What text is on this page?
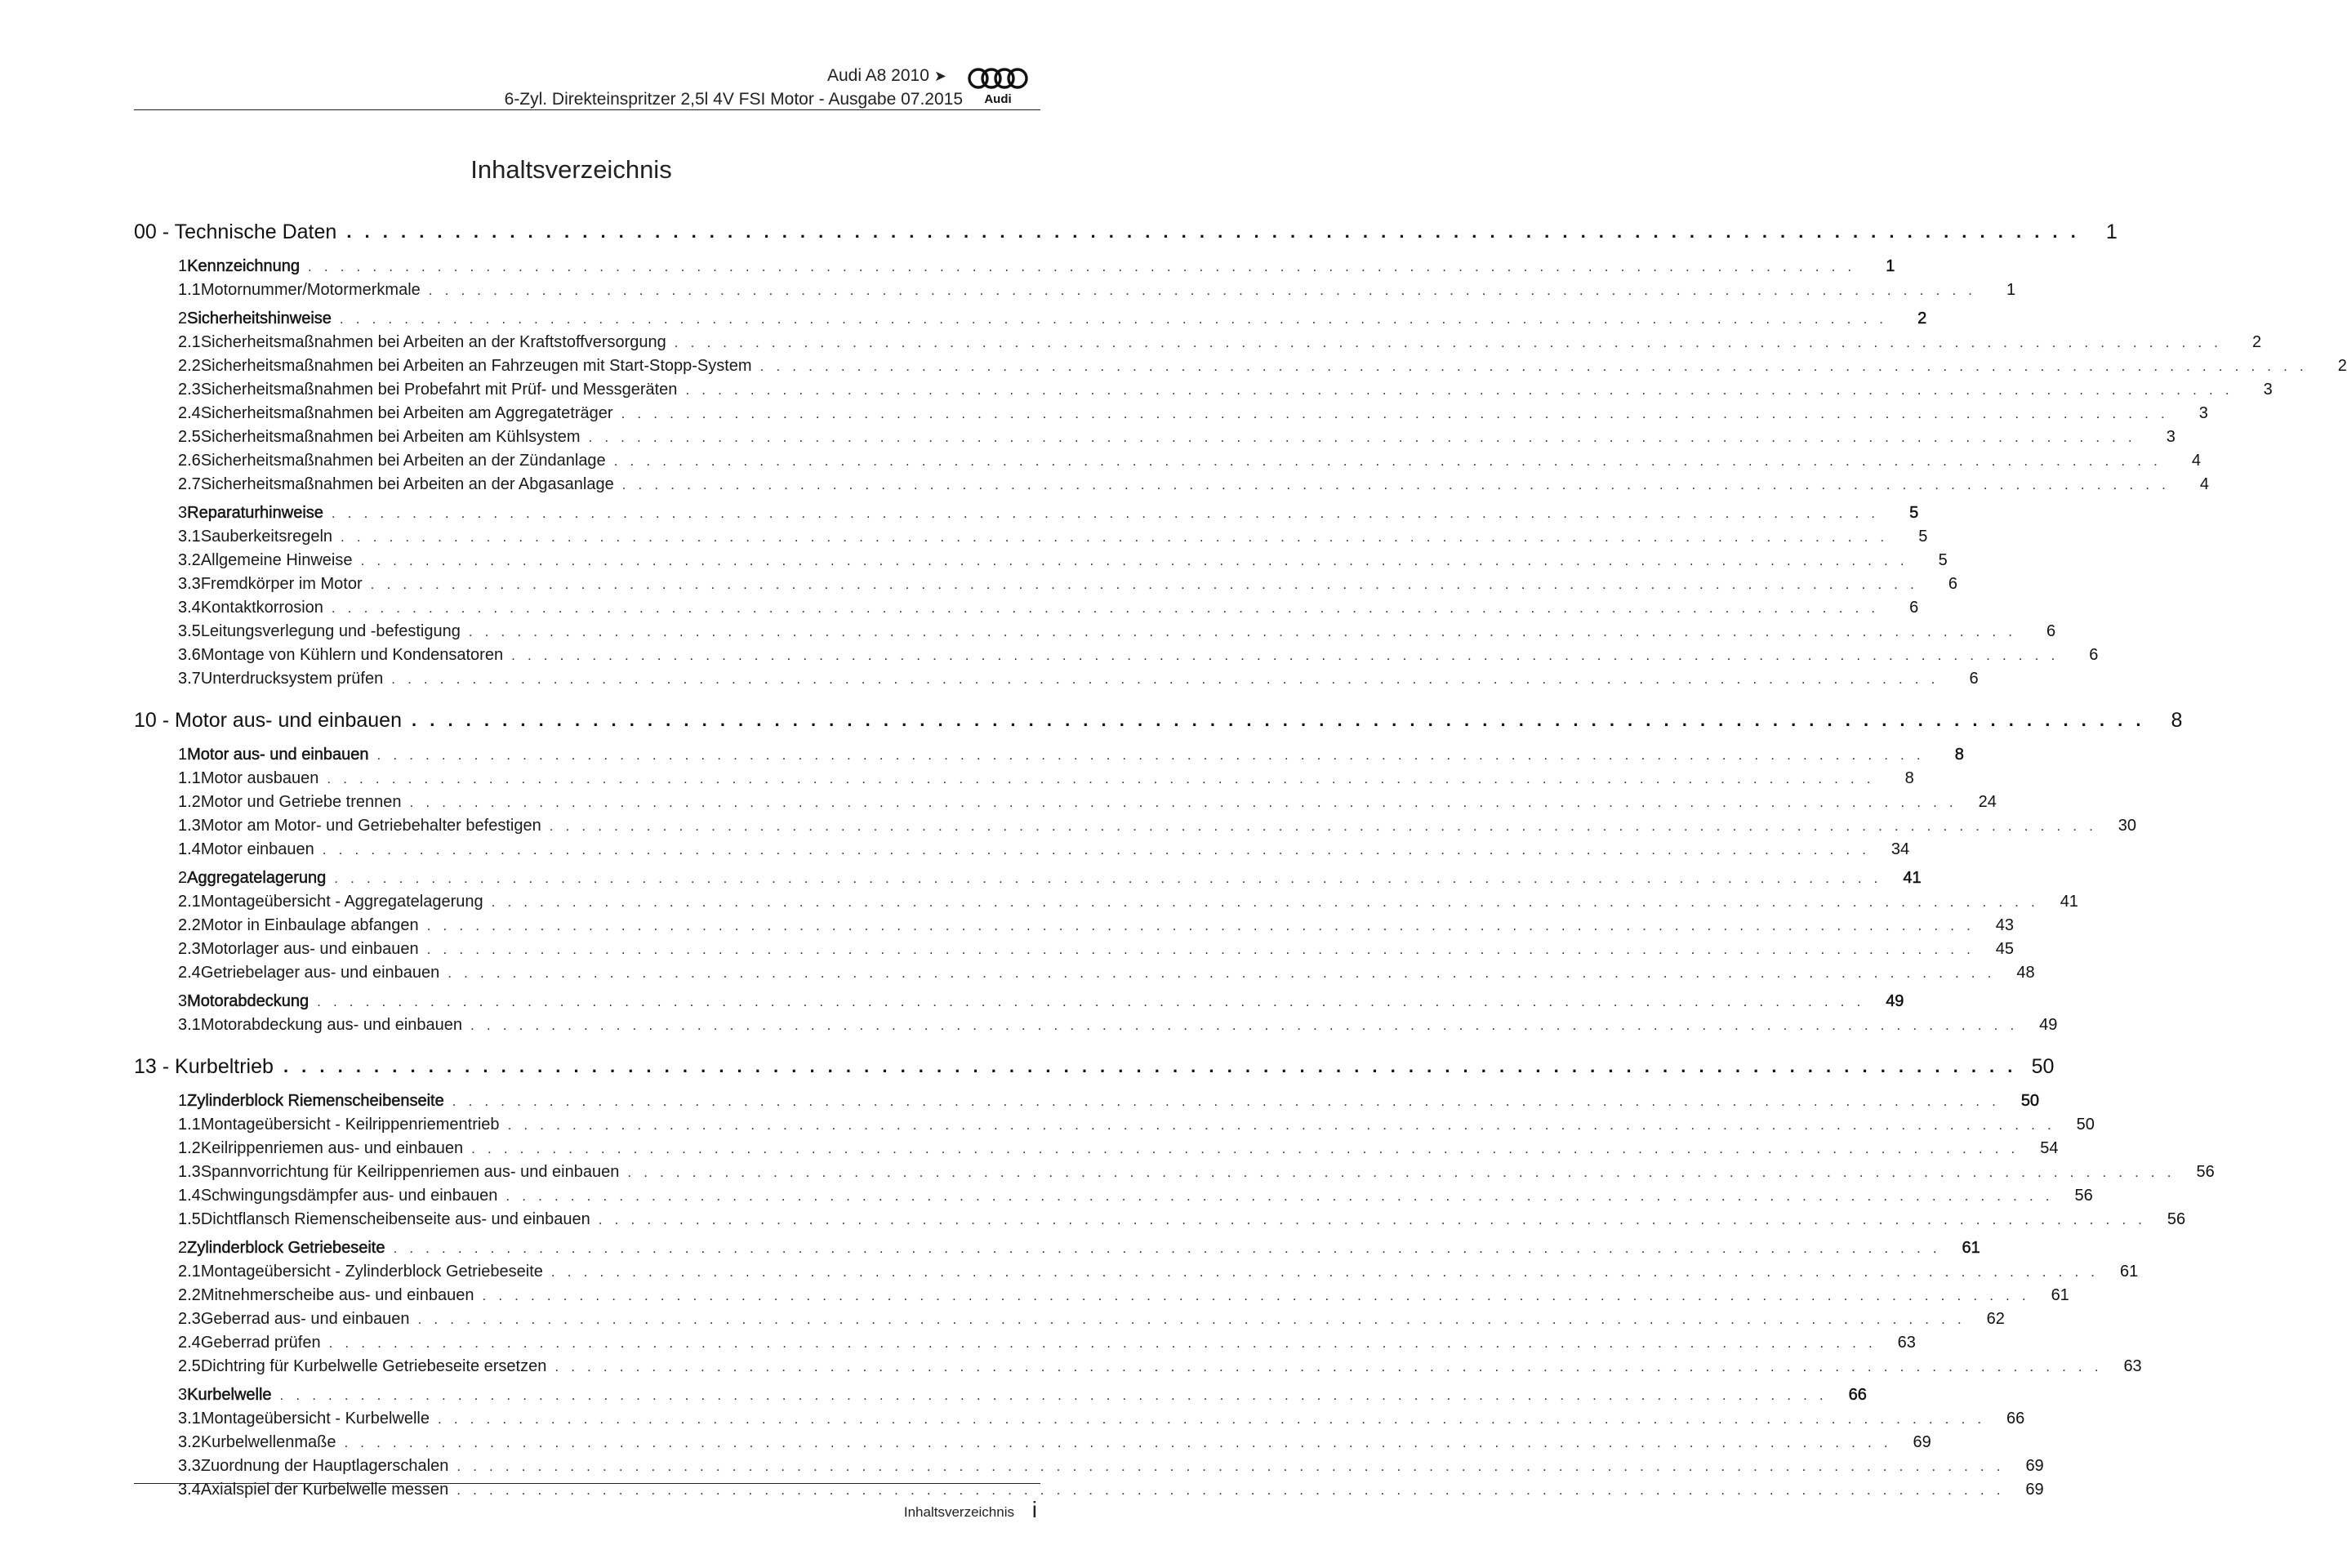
Audi A8 2010 ➤
6-Zyl. Direkteinspritzer 2,5l 4V FSI Motor - Ausgabe 07.2015 Audi
Inhaltsverzeichnis
00 - Technische Daten . . . . . . . . . . . . . . . . . . . . . . . . . . . . . . . . . . . . . . . . . . . . . . . . . . . . . . . . . . . . . . . . . . . . . . . . . . . . . . . . . . . . . . . . . . . . . . . .	1
1 Kennzeichnung . . . . . . . . . . . . . . . . . . . . . . . . . . . . . . . . . . . . . . . . . . . . . . . . . . . . . . . . . . . . . . . . . . . . . . . . . . . . . . . . . . . . . . . . . . . . . . . .	1
1.1 Motornummer/Motormerkmale . . . . . . . . . . . . . . . . . . . . . . . . . . . . . . . . . . . . . . . . . . . . . . . . . . . . . . . . . . . . . . . . . . . . . . . . . . . . . . . . . . . . . . . . . . . . . . . .	1
2 Sicherheitshinweise . . . . . . . . . . . . . . . . . . . . . . . . . . . . . . . . . . . . . . . . . . . . . . . . . . . . . . . . . . . . . . . . . . . . . . . . . . . . . . . . . . . . . . . . . . . . . . . .	2
2.1 Sicherheitsmaßnahmen bei Arbeiten an der Kraftstoffversorgung . . . . . . . . . . . . . . . . . . . . . . . . . . . . . . . . . . . . . . . . . . . . . . . . . . . . . . . . . . . . . . . . . . . . . . . . . . . . . . . . . . . . . . . . . . . . . . . .	2
2.2 Sicherheitsmaßnahmen bei Arbeiten an Fahrzeugen mit Start-Stopp-System . . . . . . . . . . . . . . . . . . . . . . . . . . . . . . . . . . . . . . . . . . . . . . . . . . . . . . . . . . . . . . . . . . . . . . . . . . . . . . . . . . . . . . . . . . . . . . . .	2
2.3 Sicherheitsmaßnahmen bei Probefahrt mit Prüf- und Messgeräten . . . . . . . . . . . . . . . . . . . . . . . . . . . . . . . . . . . . . . . . . . . . . . . . . . . . . . . . . . . . . . . . . . . . . . . . . . . . . . . . . . . . . . . . . . . . . . . .	3
2.4 Sicherheitsmaßnahmen bei Arbeiten am Aggregateträger . . . . . . . . . . . . . . . . . . . . . . . . . . . . . . . . . . . . . . . . . . . . . . . . . . . . . . . . . . . . . . . . . . . . . . . . . . . . . . . . . . . . . . . . . . . . . . . .	3
2.5 Sicherheitsmaßnahmen bei Arbeiten am Kühlsystem . . . . . . . . . . . . . . . . . . . . . . . . . . . . . . . . . . . . . . . . . . . . . . . . . . . . . . . . . . . . . . . . . . . . . . . . . . . . . . . . . . . . . . . . . . . . . . . .	3
2.6 Sicherheitsmaßnahmen bei Arbeiten an der Zündanlage . . . . . . . . . . . . . . . . . . . . . . . . . . . . . . . . . . . . . . . . . . . . . . . . . . . . . . . . . . . . . . . . . . . . . . . . . . . . . . . . . . . . . . . . . . . . . . . .	4
2.7 Sicherheitsmaßnahmen bei Arbeiten an der Abgasanlage . . . . . . . . . . . . . . . . . . . . . . . . . . . . . . . . . . . . . . . . . . . . . . . . . . . . . . . . . . . . . . . . . . . . . . . . . . . . . . . . . . . . . . . . . . . . . . . .	4
3 Reparaturhinweise . . . . . . . . . . . . . . . . . . . . . . . . . . . . . . . . . . . . . . . . . . . . . . . . . . . . . . . . . . . . . . . . . . . . . . . . . . . . . . . . . . . . . . . . . . . . . . . .	5
3.1 Sauberkeitsregeln . . . . . . . . . . . . . . . . . . . . . . . . . . . . . . . . . . . . . . . . . . . . . . . . . . . . . . . . . . . . . . . . . . . . . . . . . . . . . . . . . . . . . . . . . . . . . . . .	5
3.2 Allgemeine Hinweise . . . . . . . . . . . . . . . . . . . . . . . . . . . . . . . . . . . . . . . . . . . . . . . . . . . . . . . . . . . . . . . . . . . . . . . . . . . . . . . . . . . . . . . . . . . . . . . .	5
3.3 Fremdkörper im Motor . . . . . . . . . . . . . . . . . . . . . . . . . . . . . . . . . . . . . . . . . . . . . . . . . . . . . . . . . . . . . . . . . . . . . . . . . . . . . . . . . . . . . . . . . . . . . . . .	6
3.4 Kontaktkorrosion . . . . . . . . . . . . . . . . . . . . . . . . . . . . . . . . . . . . . . . . . . . . . . . . . . . . . . . . . . . . . . . . . . . . . . . . . . . . . . . . . . . . . . . . . . . . . . . .	6
3.5 Leitungsverlegung und -befestigung . . . . . . . . . . . . . . . . . . . . . . . . . . . . . . . . . . . . . . . . . . . . . . . . . . . . . . . . . . . . . . . . . . . . . . . . . . . . . . . . . . . . . . . . . . . . . . . .	6
3.6 Montage von Kühlern und Kondensatoren . . . . . . . . . . . . . . . . . . . . . . . . . . . . . . . . . . . . . . . . . . . . . . . . . . . . . . . . . . . . . . . . . . . . . . . . . . . . . . . . . . . . . . . . . . . . . . . .	6
3.7 Unterdrucksystem prüfen . . . . . . . . . . . . . . . . . . . . . . . . . . . . . . . . . . . . . . . . . . . . . . . . . . . . . . . . . . . . . . . . . . . . . . . . . . . . . . . . . . . . . . . . . . . . . . . .	6
10 - Motor aus- und einbauen . . . . . . . . . . . . . . . . . . . . . . . . . . . . . . . . . . . . . . . . . . . . . . . . . . . . . . . . . . . . . . . . . . . . . . . . . . . . . . . . . . . . . . . . . . . . . . . .	8
1 Motor aus- und einbauen . . . . . . . . . . . . . . . . . . . . . . . . . . . . . . . . . . . . . . . . . . . . . . . . . . . . . . . . . . . . . . . . . . . . . . . . . . . . . . . . . . . . . . . . . . . . . . . .	8
1.1 Motor ausbauen . . . . . . . . . . . . . . . . . . . . . . . . . . . . . . . . . . . . . . . . . . . . . . . . . . . . . . . . . . . . . . . . . . . . . . . . . . . . . . . . . . . . . . . . . . . . . . . .	8
1.2 Motor und Getriebe trennen . . . . . . . . . . . . . . . . . . . . . . . . . . . . . . . . . . . . . . . . . . . . . . . . . . . . . . . . . . . . . . . . . . . . . . . . . . . . . . . . . . . . . . . . . . . . . . . .	24
1.3 Motor am Motor- und Getriebehalter befestigen . . . . . . . . . . . . . . . . . . . . . . . . . . . . . . . . . . . . . . . . . . . . . . . . . . . . . . . . . . . . . . . . . . . . . . . . . . . . . . . . . . . . . . . . . . . . . . . .	30
1.4 Motor einbauen . . . . . . . . . . . . . . . . . . . . . . . . . . . . . . . . . . . . . . . . . . . . . . . . . . . . . . . . . . . . . . . . . . . . . . . . . . . . . . . . . . . . . . . . . . . . . . . .	34
2 Aggregatelagerung . . . . . . . . . . . . . . . . . . . . . . . . . . . . . . . . . . . . . . . . . . . . . . . . . . . . . . . . . . . . . . . . . . . . . . . . . . . . . . . . . . . . . . . . . . . . . . . .	41
2.1 Montageübersicht - Aggregatelagerung . . . . . . . . . . . . . . . . . . . . . . . . . . . . . . . . . . . . . . . . . . . . . . . . . . . . . . . . . . . . . . . . . . . . . . . . . . . . . . . . . . . . . . . . . . . . . . . .	41
2.2 Motor in Einbaulage abfangen . . . . . . . . . . . . . . . . . . . . . . . . . . . . . . . . . . . . . . . . . . . . . . . . . . . . . . . . . . . . . . . . . . . . . . . . . . . . . . . . . . . . . . . . . . . . . . . .	43
2.3 Motorlager aus- und einbauen . . . . . . . . . . . . . . . . . . . . . . . . . . . . . . . . . . . . . . . . . . . . . . . . . . . . . . . . . . . . . . . . . . . . . . . . . . . . . . . . . . . . . . . . . . . . . . . .	45
2.4 Getriebelager aus- und einbauen . . . . . . . . . . . . . . . . . . . . . . . . . . . . . . . . . . . . . . . . . . . . . . . . . . . . . . . . . . . . . . . . . . . . . . . . . . . . . . . . . . . . . . . . . . . . . . . .	48
3 Motorabdeckung . . . . . . . . . . . . . . . . . . . . . . . . . . . . . . . . . . . . . . . . . . . . . . . . . . . . . . . . . . . . . . . . . . . . . . . . . . . . . . . . . . . . . . . . . . . . . . . .	49
3.1 Motorabdeckung aus- und einbauen . . . . . . . . . . . . . . . . . . . . . . . . . . . . . . . . . . . . . . . . . . . . . . . . . . . . . . . . . . . . . . . . . . . . . . . . . . . . . . . . . . . . . . . . . . . . . . . .	49
13 - Kurbeltrieb . . . . . . . . . . . . . . . . . . . . . . . . . . . . . . . . . . . . . . . . . . . . . . . . . . . . . . . . . . . . . . . . . . . . . . . . . . . . . . . . . . . . . . . . . . . . . . . . 50
1 Zylinderblock Riemenscheibenseite . . . . . . . . . . . . . . . . . . . . . . . . . . . . . . . . . . . . . . . . . . . . . . . . . . . . . . . . . . . . . . . . . . . . . . . . . . . . . . . . . . . . . . . . . . . . . . . .	50
1.1 Montageübersicht - Keilrippenriementrieb . . . . . . . . . . . . . . . . . . . . . . . . . . . . . . . . . . . . . . . . . . . . . . . . . . . . . . . . . . . . . . . . . . . . . . . . . . . . . . . . . . . . . . . . . . . . . . . .	50
1.2 Keilrippenriemen aus- und einbauen . . . . . . . . . . . . . . . . . . . . . . . . . . . . . . . . . . . . . . . . . . . . . . . . . . . . . . . . . . . . . . . . . . . . . . . . . . . . . . . . . . . . . . . . . . . . . . . .	54
1.3 Spannvorrichtung für Keilrippenriemen aus- und einbauen . . . . . . . . . . . . . . . . . . . . . . . . . . . . . . . . . . . . . . . . . . . . . . . . . . . . . . . . . . . . . . . . . . . . . . . . . . . . . . . . . . . . . . . . . . . . . . . .	56
1.4 Schwingungsdämpfer aus- und einbauen . . . . . . . . . . . . . . . . . . . . . . . . . . . . . . . . . . . . . . . . . . . . . . . . . . . . . . . . . . . . . . . . . . . . . . . . . . . . . . . . . . . . . . . . . . . . . . . .	56
1.5 Dichtflansch Riemenscheibenseite aus- und einbauen . . . . . . . . . . . . . . . . . . . . . . . . . . . . . . . . . . . . . . . . . . . . . . . . . . . . . . . . . . . . . . . . . . . . . . . . . . . . . . . . . . . . . . . . . . . . . . . .	56
2 Zylinderblock Getriebeseite . . . . . . . . . . . . . . . . . . . . . . . . . . . . . . . . . . . . . . . . . . . . . . . . . . . . . . . . . . . . . . . . . . . . . . . . . . . . . . . . . . . . . . . . . . . . . . . .	61
2.1 Montageübersicht - Zylinderblock Getriebeseite . . . . . . . . . . . . . . . . . . . . . . . . . . . . . . . . . . . . . . . . . . . . . . . . . . . . . . . . . . . . . . . . . . . . . . . . . . . . . . . . . . . . . . . . . . . . . . . .	61
2.2 Mitnehmerscheibe aus- und einbauen . . . . . . . . . . . . . . . . . . . . . . . . . . . . . . . . . . . . . . . . . . . . . . . . . . . . . . . . . . . . . . . . . . . . . . . . . . . . . . . . . . . . . . . . . . . . . . . .	61
2.3 Geberrad aus- und einbauen . . . . . . . . . . . . . . . . . . . . . . . . . . . . . . . . . . . . . . . . . . . . . . . . . . . . . . . . . . . . . . . . . . . . . . . . . . . . . . . . . . . . . . . . . . . . . . . .	62
2.4 Geberrad prüfen . . . . . . . . . . . . . . . . . . . . . . . . . . . . . . . . . . . . . . . . . . . . . . . . . . . . . . . . . . . . . . . . . . . . . . . . . . . . . . . . . . . . . . . . . . . . . . . .	63
2.5 Dichtring für Kurbelwelle Getriebeseite ersetzen . . . . . . . . . . . . . . . . . . . . . . . . . . . . . . . . . . . . . . . . . . . . . . . . . . . . . . . . . . . . . . . . . . . . . . . . . . . . . . . . . . . . . . . . . . . . . . . .	63
3 Kurbelwelle . . . . . . . . . . . . . . . . . . . . . . . . . . . . . . . . . . . . . . . . . . . . . . . . . . . . . . . . . . . . . . . . . . . . . . . . . . . . . . . . . . . . . . . . . . . . . . . .	66
3.1 Montageübersicht - Kurbelwelle . . . . . . . . . . . . . . . . . . . . . . . . . . . . . . . . . . . . . . . . . . . . . . . . . . . . . . . . . . . . . . . . . . . . . . . . . . . . . . . . . . . . . . . . . . . . . . . .	66
3.2 Kurbelwellenmaße . . . . . . . . . . . . . . . . . . . . . . . . . . . . . . . . . . . . . . . . . . . . . . . . . . . . . . . . . . . . . . . . . . . . . . . . . . . . . . . . . . . . . . . . . . . . . . . .	69
3.3 Zuordnung der Hauptlagerschalen . . . . . . . . . . . . . . . . . . . . . . . . . . . . . . . . . . . . . . . . . . . . . . . . . . . . . . . . . . . . . . . . . . . . . . . . . . . . . . . . . . . . . . . . . . . . . . . .	69
3.4 Axialspiel der Kurbelwelle messen . . . . . . . . . . . . . . . . . . . . . . . . . . . . . . . . . . . . . . . . . . . . . . . . . . . . . . . . . . . . . . . . . . . . . . . . . . . . . . . . . . . . . . . . . . . . . . . .	69
Inhaltsverzeichnis i
